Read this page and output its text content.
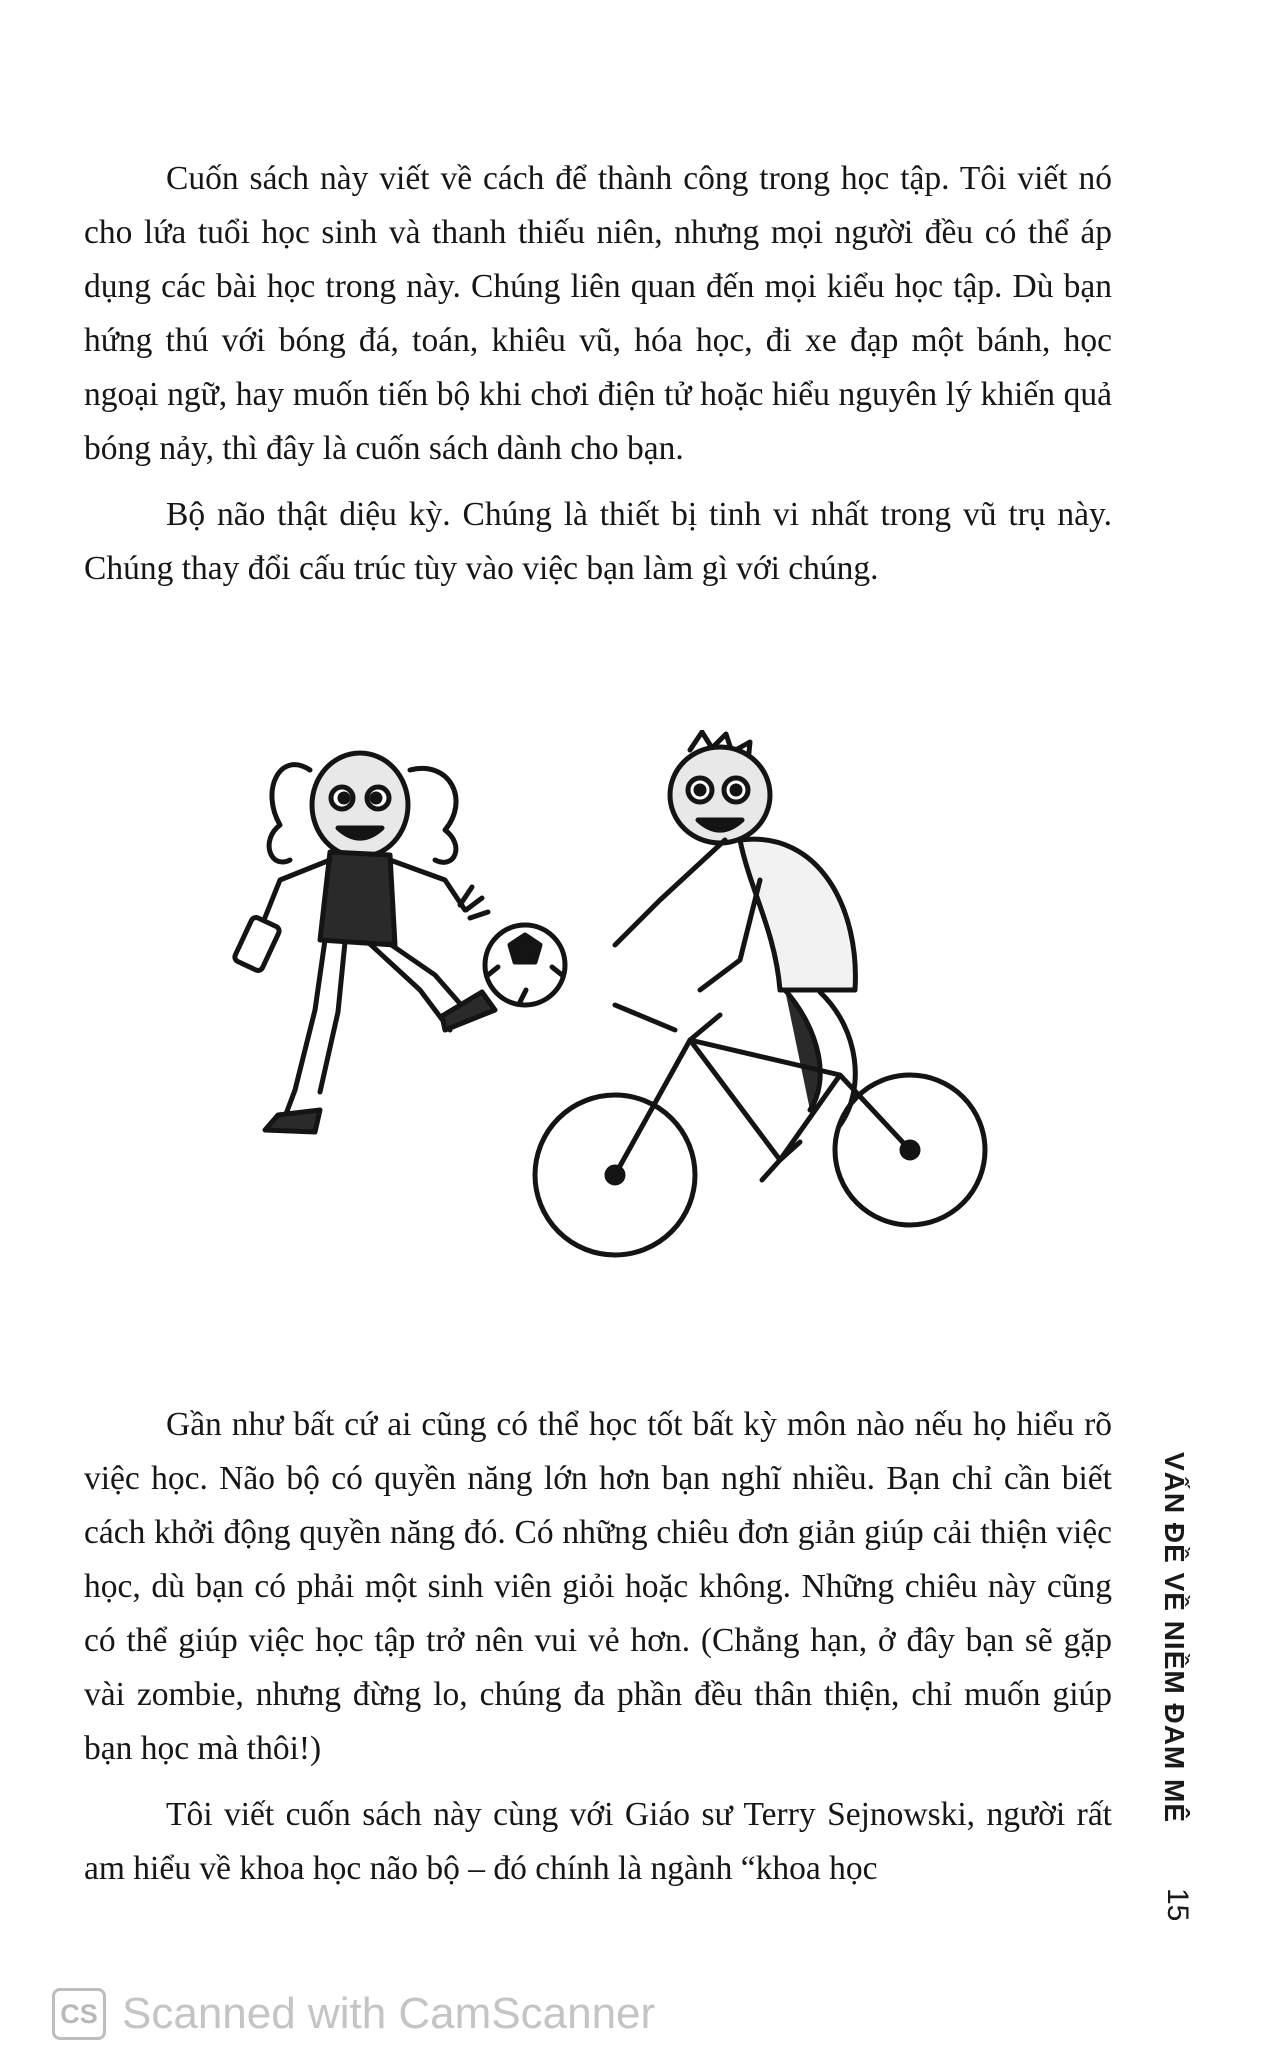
Cuốn sách này viết về cách để thành công trong học tập. Tôi viết nó cho lứa tuổi học sinh và thanh thiếu niên, nhưng mọi người đều có thể áp dụng các bài học trong này. Chúng liên quan đến mọi kiểu học tập. Dù bạn hứng thú với bóng đá, toán, khiêu vũ, hóa học, đi xe đạp một bánh, học ngoại ngữ, hay muốn tiến bộ khi chơi điện tử hoặc hiểu nguyên lý khiến quả bóng nảy, thì đây là cuốn sách dành cho bạn.

Bộ não thật diệu kỳ. Chúng là thiết bị tinh vi nhất trong vũ trụ này. Chúng thay đổi cấu trúc tùy vào việc bạn làm gì với chúng.

Gần như bất cứ ai cũng có thể học tốt bất kỳ môn nào nếu họ hiểu rõ việc học. Não bộ có quyền năng lớn hơn bạn nghĩ nhiều. Bạn chỉ cần biết cách khởi động quyền năng đó. Có những chiêu đơn giản giúp cải thiện việc học, dù bạn có phải một sinh viên giỏi hoặc không. Những chiêu này cũng có thể giúp việc học tập trở nên vui vẻ hơn. (Chẳng hạn, ở đây bạn sẽ gặp vài zombie, nhưng đừng lo, chúng đa phần đều thân thiện, chỉ muốn giúp bạn học mà thôi!)

Tôi viết cuốn sách này cùng với Giáo sư Terry Sejnowski, người rất am hiểu về khoa học não bộ – đó chính là ngành “khoa học

VẤN ĐỀ VỀ NIỀM ĐAM MÊ
15
CS Scanned with CamScanner
